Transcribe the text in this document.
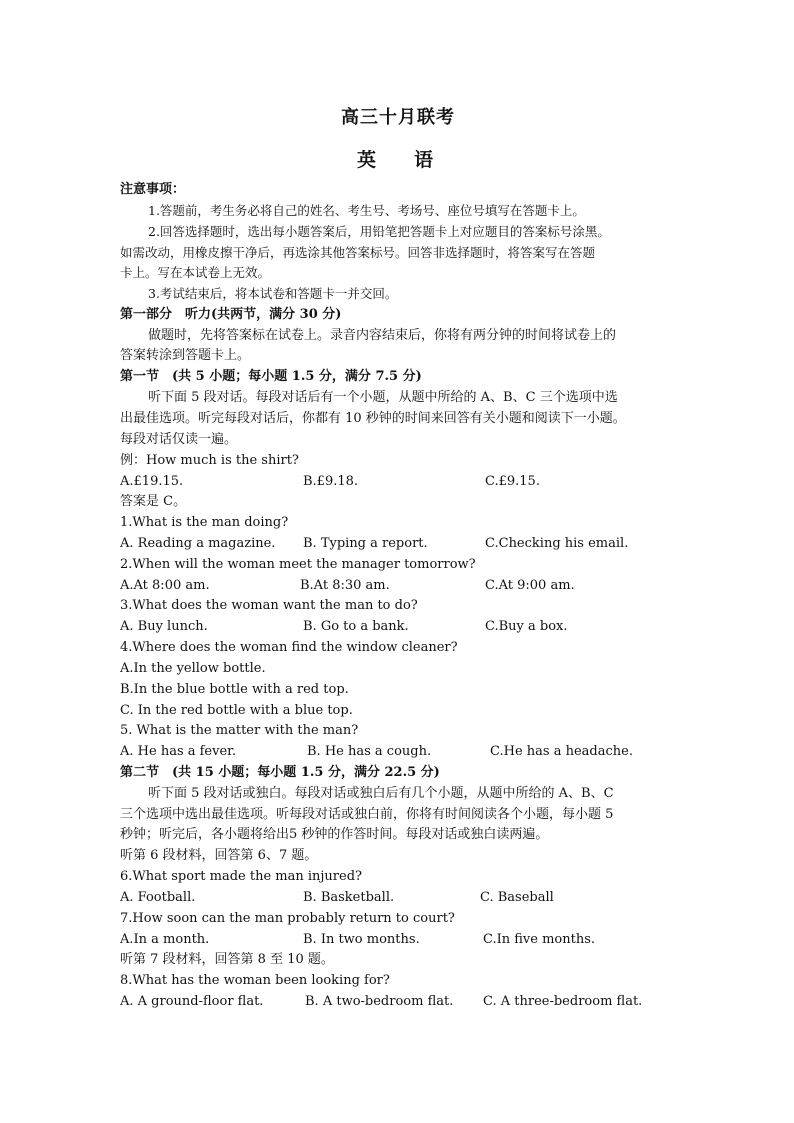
高三十月联考
英　　语
注意事项：
1.答题前，考生务必将自己的姓名、考生号、考场号、座位号填写在答题卡上。
2.回答选择题时，选出每小题答案后，用铅笔把答题卡上对应题目的答案标号涂黑。
如需改动，用橡皮擦干净后，再选涂其他答案标号。回答非选择题时，将答案写在答题
卡上。写在本试卷上无效。
3.考试结束后，将本试卷和答题卡一并交回。
第一部分　听力(共两节，满分 30 分)
做题时，先将答案标在试卷上。录音内容结束后，你将有两分钟的时间将试卷上的
答案转涂到答题卡上。
第一节　(共 5 小题；每小题 1.5 分，满分 7.5 分)
听下面 5 段对话。每段对话后有一个小题，从题中所给的 A、B、C 三个选项中选
出最佳选项。听完每段对话后，你都有 10 秒钟的时间来回答有关小题和阅读下一小题。
每段对话仅读一遍。
例：How much is the shirt?
A.£19.15.	B.£9.18.	C.£9.15.
答案是 C。
1.What is the man doing?
A. Reading a magazine. B. Typing a report.	C.Checking his email.
2.When will the woman meet the manager tomorrow?
A.At 8:00 am.	B.At 8:30 am.	C.At 9:00 am.
3.What does the woman want the man to do?
A. Buy lunch.	B. Go to a bank.	C.Buy a box.
4.Where does the woman find the window cleaner?
A.In the yellow bottle.
B.In the blue bottle with a red top.
C. In the red bottle with a blue top.
5. What is the matter with the man?
A. He has a fever.	B. He has a cough.	C.He has a headache.
第二节　(共 15 小题；每小题 1.5 分，满分 22.5 分)
听下面 5 段对话或独白。每段对话或独白后有几个小题，从题中所给的 A、B、C
三个选项中选出最佳选项。听每段对话或独白前，你将有时间阅读各个小题，每小题 5
秒钟；听完后，各小题将给出5 秒钟的作答时间。每段对话或独白读两遍。
听第 6 段材料，回答第 6、7 题。
6.What sport made the man injured?
A. Football.	B. Basketball.	C. Baseball
7.How soon can the man probably return to court?
A.In a month.	B. In two months.	C.In five months.
听第 7 段材料，回答第 8 至 10 题。
8.What has the woman been looking for?
A. A ground-floor flat.	B. A two-bedroom flat. C. A three-bedroom flat.
